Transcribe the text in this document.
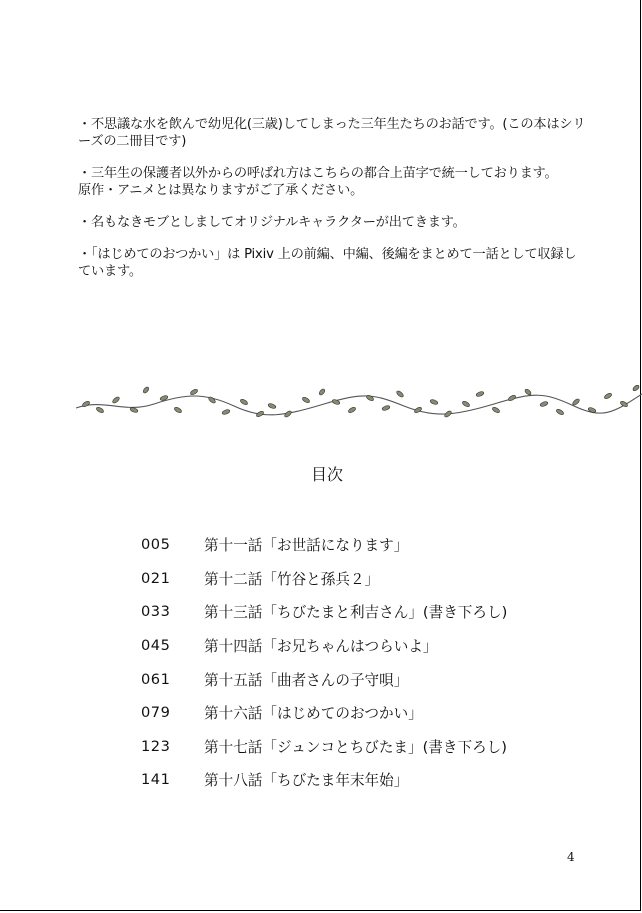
・不思議な水を飲んで幼児化(三歳)してしまった三年生たちのお話です。(この本はシリーズの二冊目です)

・三年生の保護者以外からの呼ばれ方はこちらの都合上苗字で統一しております。
原作・アニメとは異なりますがご了承ください。

・名もなきモブとしましてオリジナルキャラクターが出てきます。

・「はじめてのおつかい」は Pixiv 上の前編、中編、後編をまとめて一話として収録しています。

目次
005	第十一話「お世話になります」
021	第十二話「竹谷と孫兵２」
033	第十三話「ちびたまと利吉さん」(書き下ろし)
045	第十四話「お兄ちゃんはつらいよ」
061	第十五話「曲者さんの子守唄」
079	第十六話「はじめてのおつかい」
123	第十七話「ジュンコとちびたま」(書き下ろし)
141	第十八話「ちびたま年末年始」
4
